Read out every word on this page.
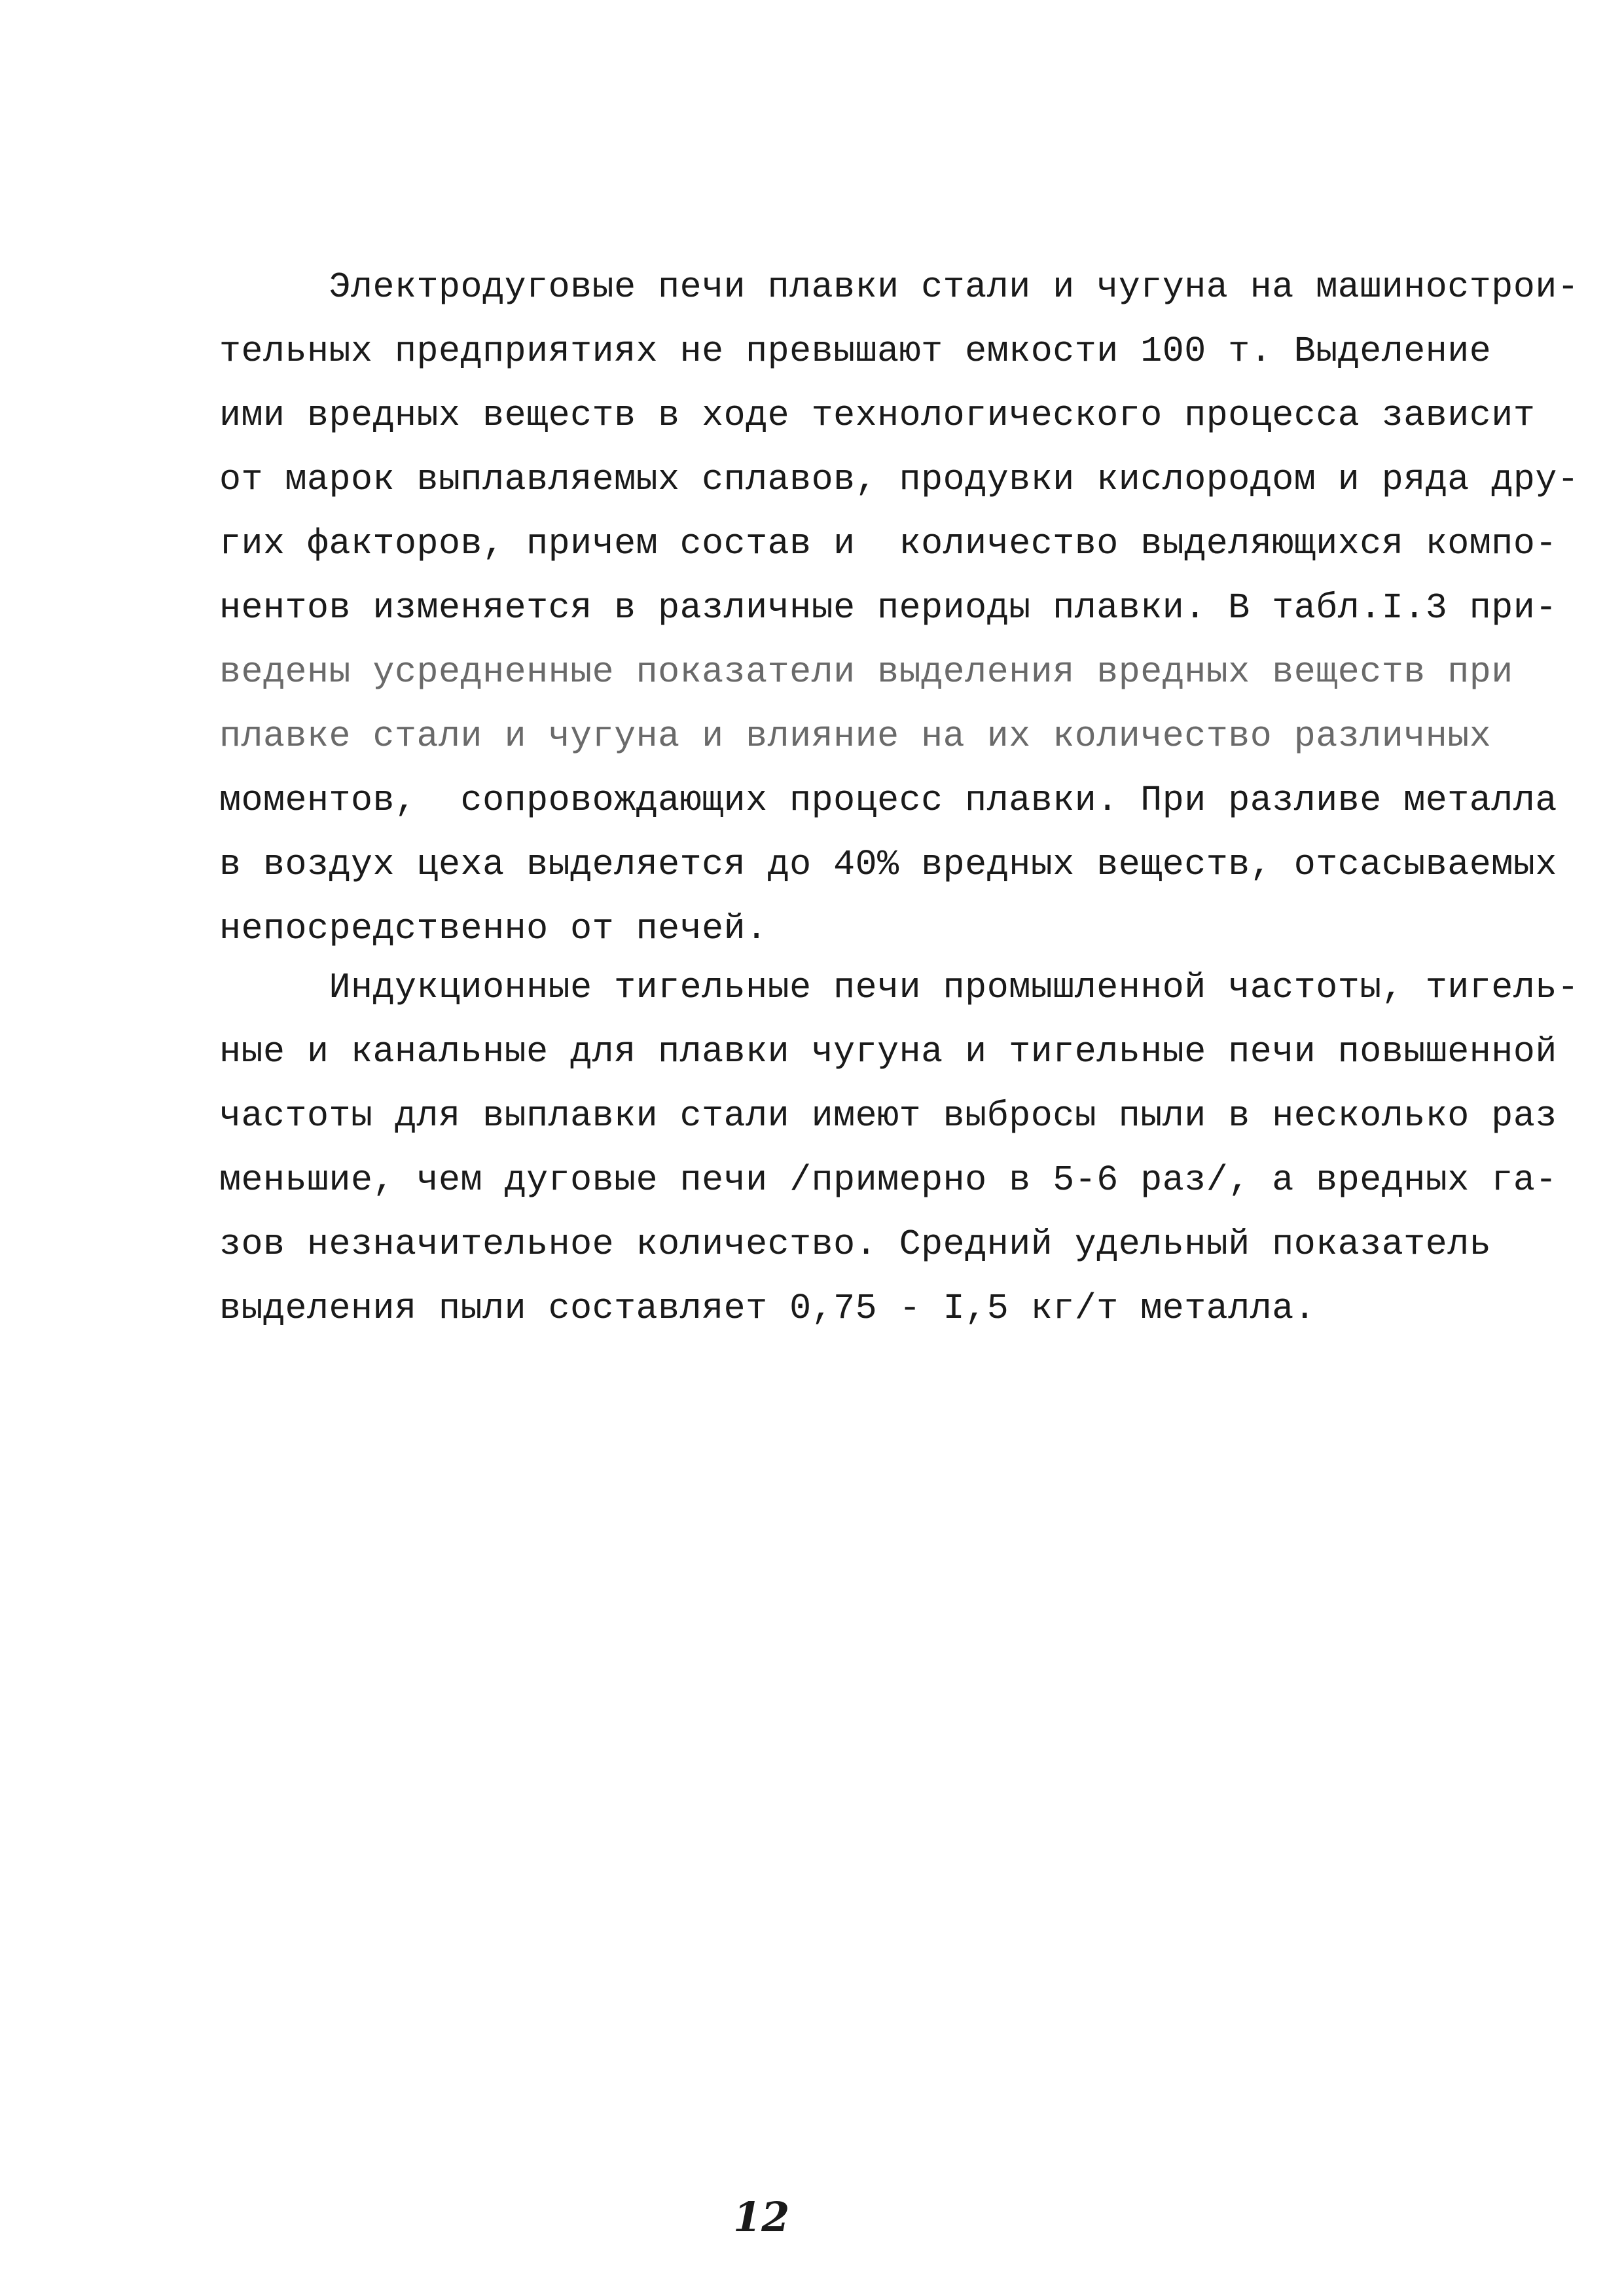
Электродуговые печи плавки стали и чугуна на машинострои-
тельных предприятиях не превышают емкости 100 т. Выделение
ими вредных веществ в ходе технологического процесса зависит
от марок выплавляемых сплавов, продувки кислородом и ряда дру-
гих факторов, причем состав и  количество выделяющихся компо-
нентов изменяется в различные периоды плавки. В табл.I.3 при-
ведены усредненные показатели выделения вредных веществ при
плавке стали и чугуна и влияние на их количество различных
моментов,  сопровождающих процесс плавки. При разливе металла
в воздух цеха выделяется до 40% вредных веществ, отсасываемых
непосредственно от печей.
Индукционные тигельные печи промышленной частоты, тигель-
ные и канальные для плавки чугуна и тигельные печи повышенной
частоты для выплавки стали имеют выбросы пыли в несколько раз
меньшие, чем дуговые печи /примерно в 5-6 раз/, а вредных га-
зов незначительное количество. Средний удельный показатель
выделения пыли составляет 0,75 - I,5 кг/т металла.
12
